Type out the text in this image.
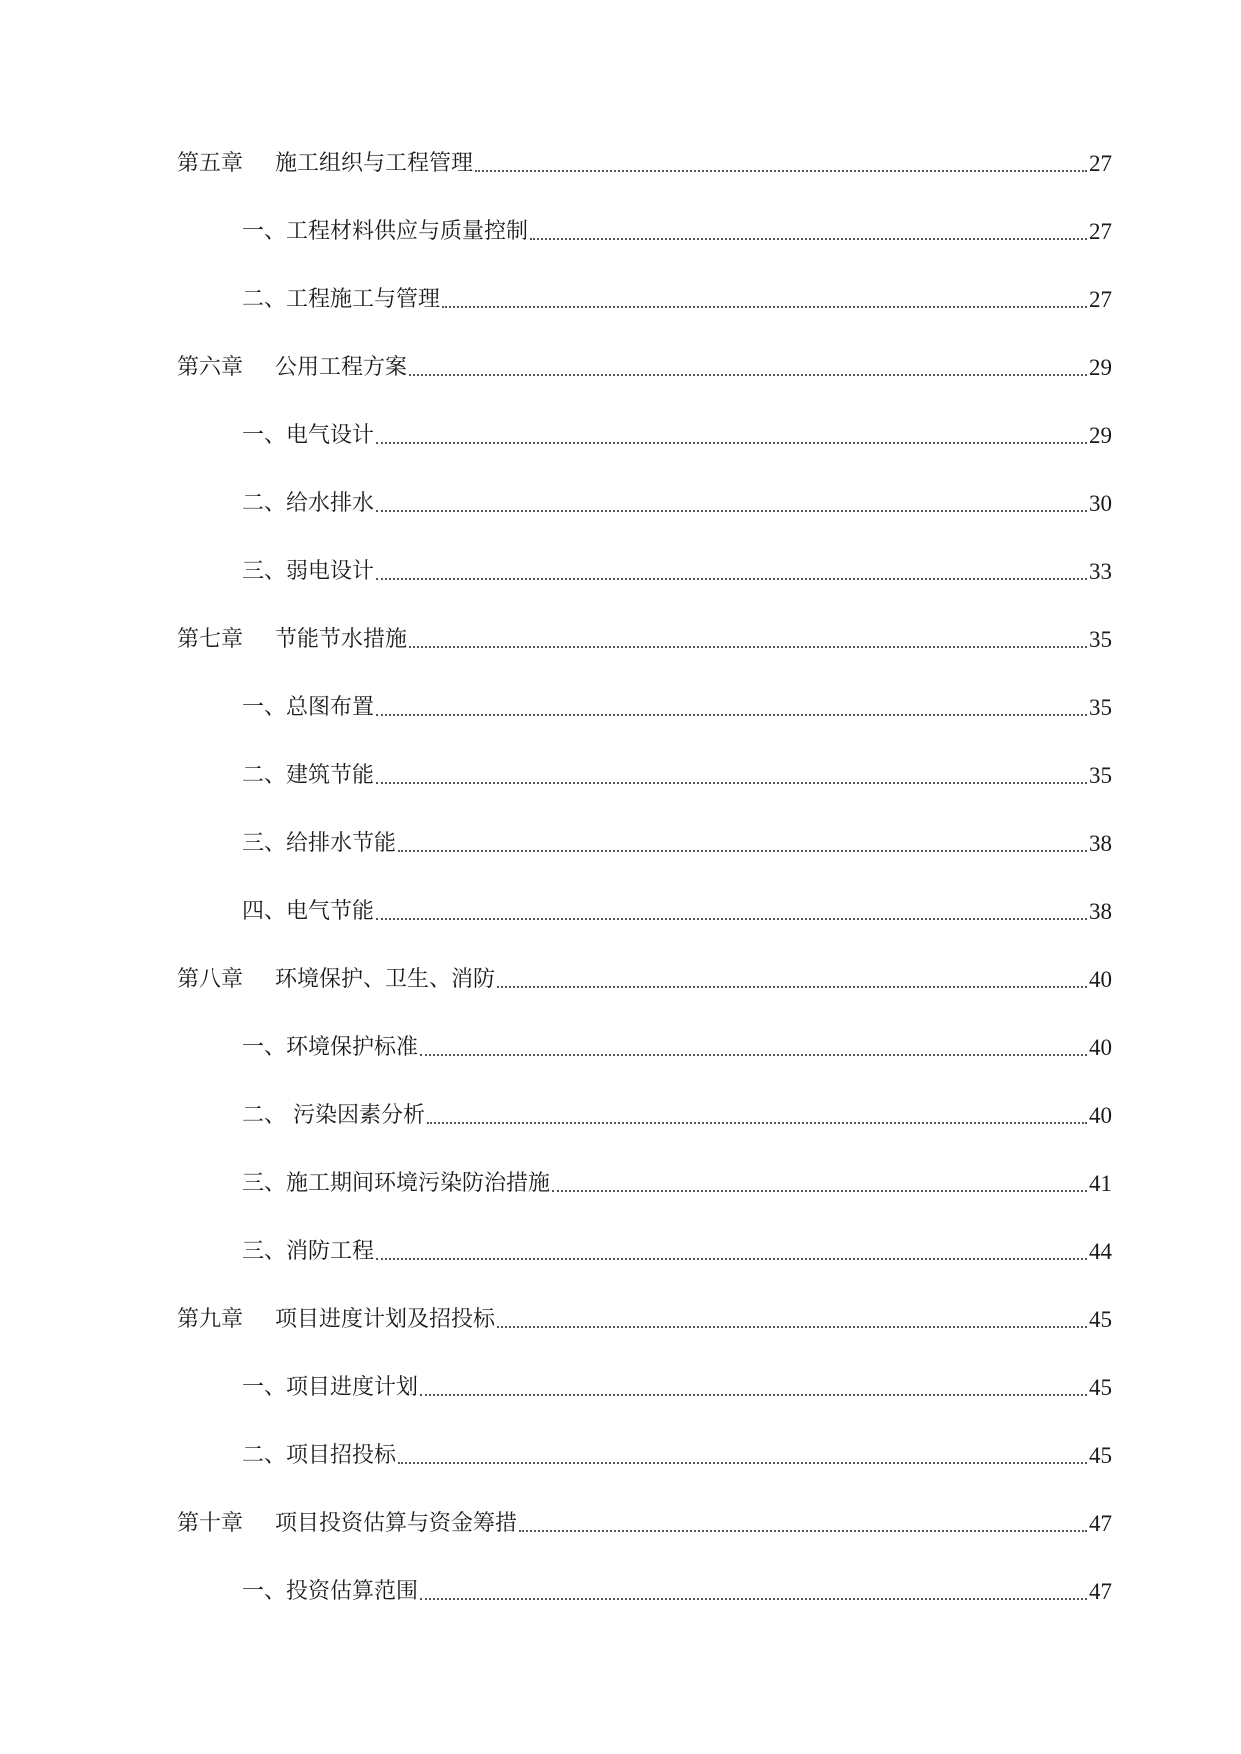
第五章	施工组织与工程管理	27
一、工程材料供应与质量控制	27
二、工程施工与管理	27
第六章	公用工程方案	29
一、电气设计	29
二、给水排水	30
三、弱电设计	33
第七章	节能节水措施	35
一、总图布置	35
二、建筑节能	35
三、给排水节能	38
四、电气节能	38
第八章	环境保护、卫生、消防	40
一、环境保护标准	40
二、 污染因素分析	40
三、施工期间环境污染防治措施	41
三、消防工程	44
第九章	项目进度计划及招投标	45
一、项目进度计划	45
二、项目招投标	45
第十章	项目投资估算与资金筹措	47
一、投资估算范围	47
